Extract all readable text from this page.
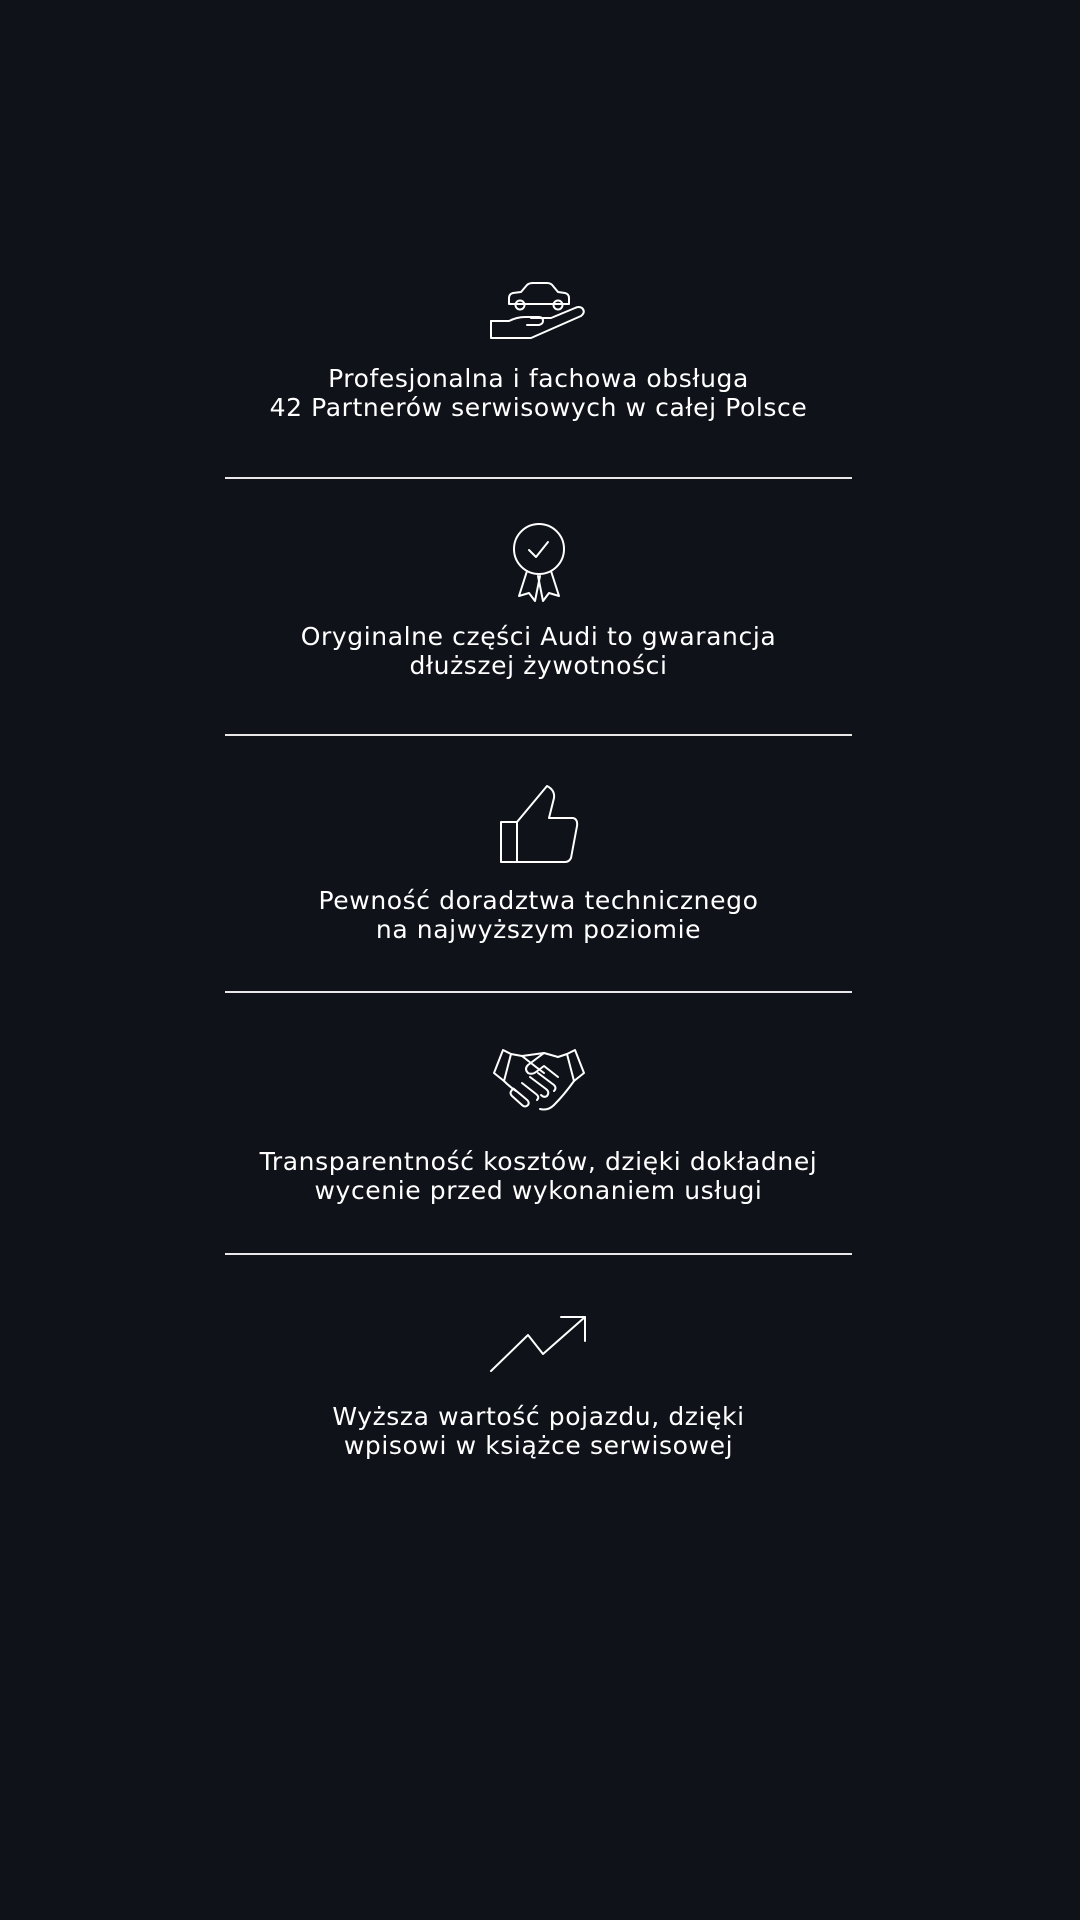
Profesjonalna i fachowa obsługa
42 Partnerów serwisowych w całej Polsce
Oryginalne części Audi to gwarancja
dłuższej żywotności
Pewność doradztwa technicznego
na najwyższym poziomie
Transparentność kosztów, dzięki dokładnej
wycenie przed wykonaniem usługi
Wyższa wartość pojazdu, dzięki
wpisowi w książce serwisowej
